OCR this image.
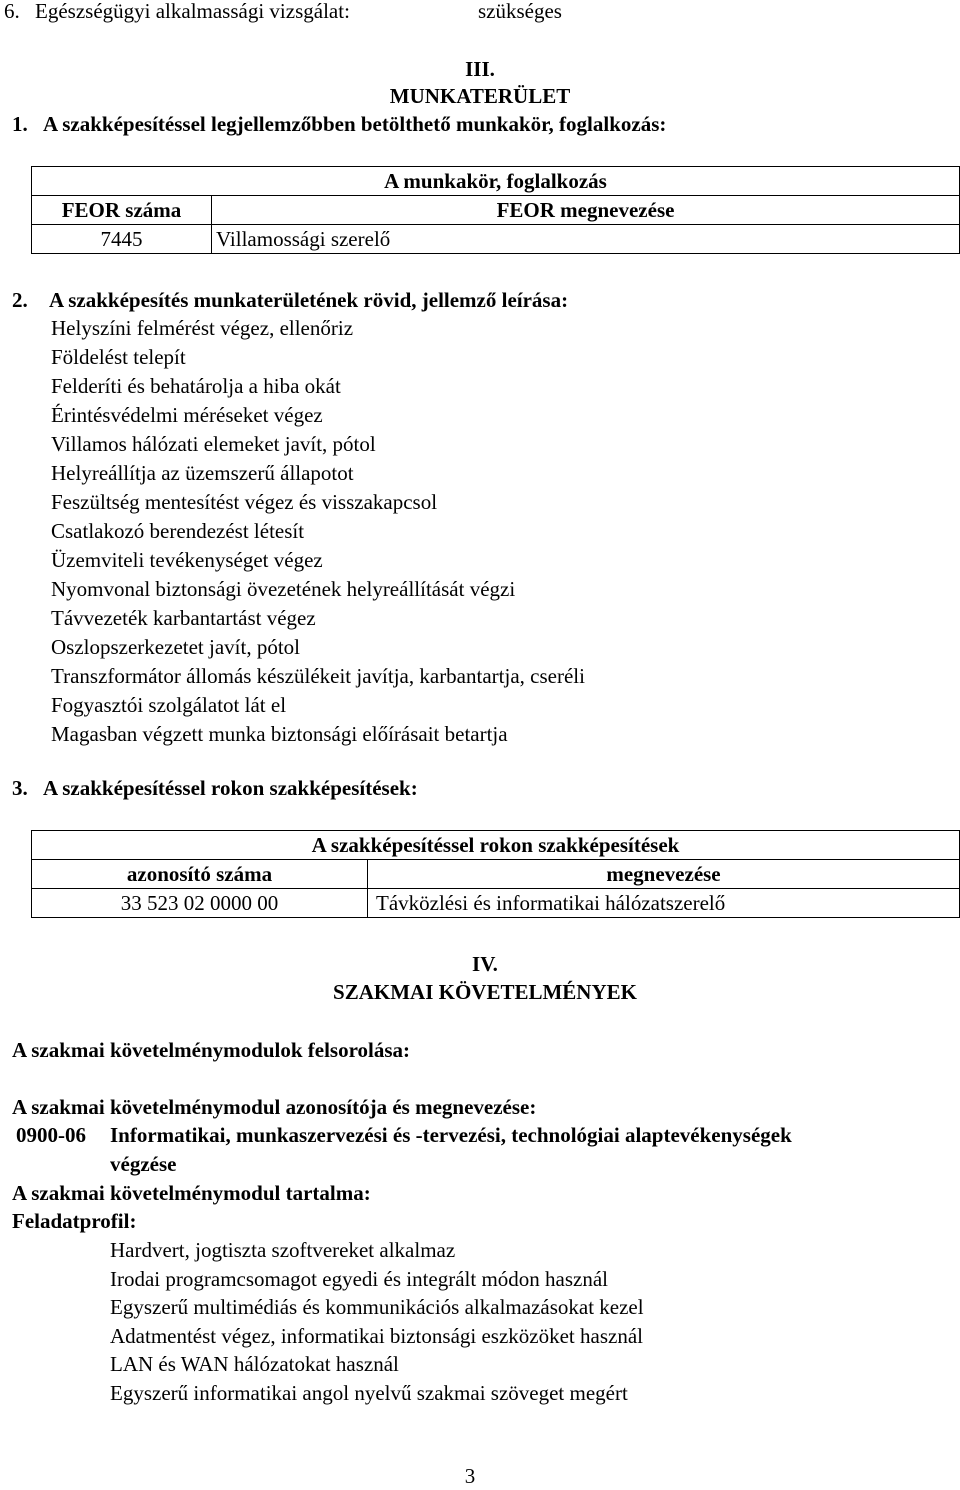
6. Egészségügyi alkalmassági vizsgálat:	szükséges
III.
MUNKATERÜLET
1. A szakképesítéssel legjellemzőbben betölthető munkakör, foglalkozás:
A munkakör, foglalkozás	
FEOR száma	FEOR megnevezése
7445	Villamossági szerelő
2. A szakképesítés munkaterületének rövid, jellemző leírása:
Helyszíni felmérést végez, ellenőriz
Földelést telepít
Felderíti és behatárolja a hiba okát
Érintésvédelmi méréseket végez
Villamos hálózati elemeket javít, pótol
Helyreállítja az üzemszerű állapotot
Feszültség mentesítést végez és visszakapcsol
Csatlakozó berendezést létesít
Üzemviteli tevékenységet végez
Nyomvonal biztonsági övezetének helyreállítását végzi
Távvezeték karbantartást végez
Oszlopszerkezetet javít, pótol
Transzformátor állomás készülékeit javítja, karbantartja, cseréli
Fogyasztói szolgálatot lát el
Magasban végzett munka biztonsági előírásait betartja
3. A szakképesítéssel rokon szakképesítések:
A szakképesítéssel rokon szakképesítések	
azonosító száma	megnevezése
33 523 02 0000 00	Távközlési és informatikai hálózatszerelő
IV.
SZAKMAI KÖVETELMÉNYEK
A szakmai követelménymodulok felsorolása:
A szakmai követelménymodul azonosítója és megnevezése:
0900-06 Informatikai, munkaszervezési és -tervezési, technológiai alaptevékenységek
végzése
A szakmai követelménymodul tartalma:
Feladatprofil:
Hardvert, jogtiszta szoftvereket alkalmaz
Irodai programcsomagot egyedi és integrált módon használ
Egyszerű multimédiás és kommunikációs alkalmazásokat kezel
Adatmentést végez, informatikai biztonsági eszközöket használ
LAN és WAN hálózatokat használ
Egyszerű informatikai angol nyelvű szakmai szöveget megért
3
